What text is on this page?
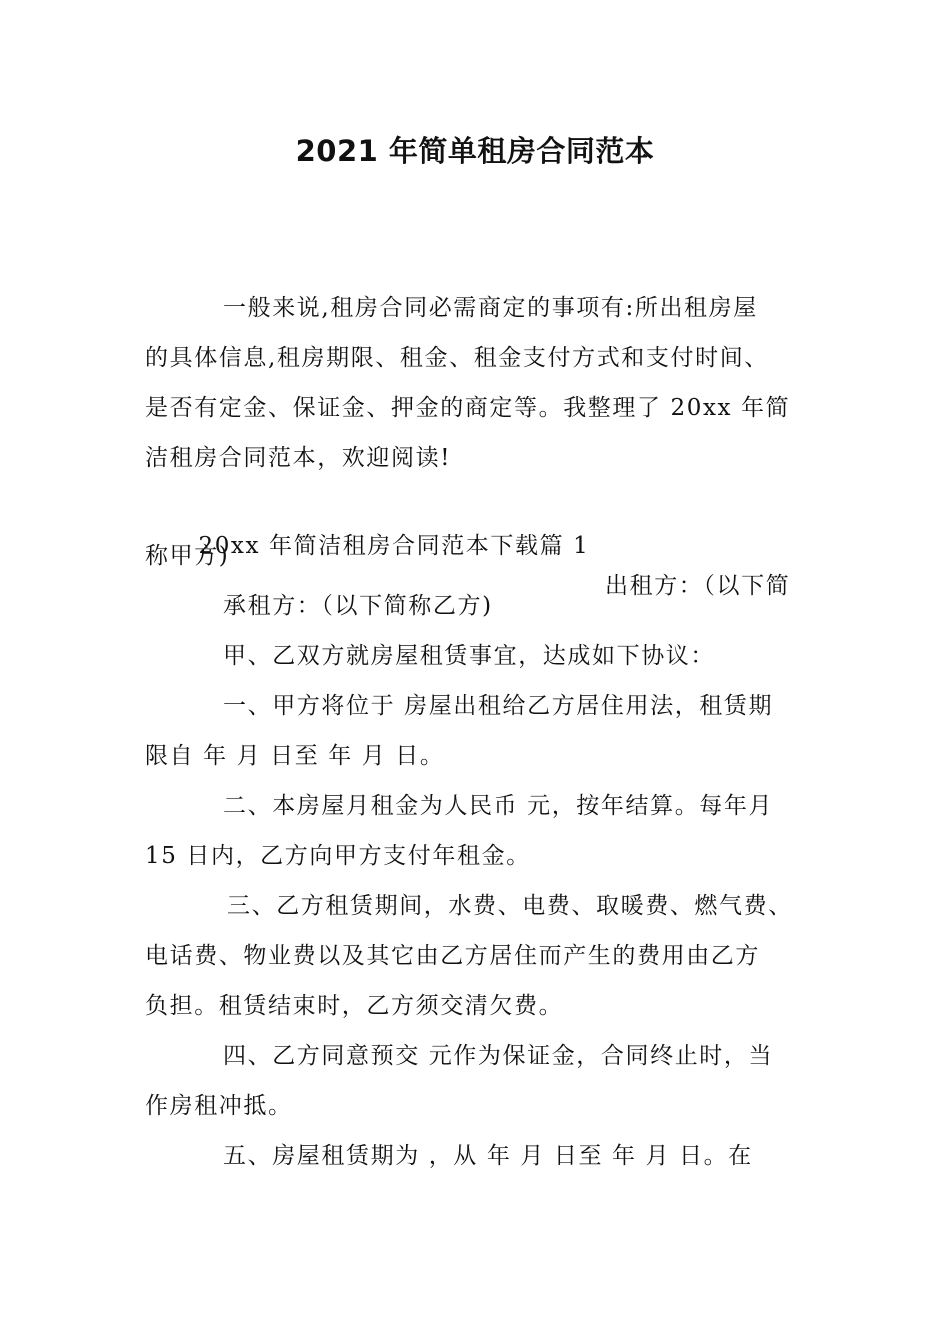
2021 年简单租房合同范本

一般来说,租房合同必需商定的事项有:所出租房屋

的具体信息,租房期限、租金、租金支付方式和支付时间、

是否有定金、保证金、押金的商定等。我整理了 20xx 年简

洁租房合同范本，欢迎阅读!

20xx 年简洁租房合同范本下载篇 1

出租方：（以下简

称甲方)

承租方：（以下简称乙方)

甲、乙双方就房屋租赁事宜，达成如下协议：

一、甲方将位于 房屋出租给乙方居住用法，租赁期

限自 年 月 日至 年 月 日。

二、本房屋月租金为人民币 元，按年结算。每年月

15 日内，乙方向甲方支付年租金。

三、乙方租赁期间，水费、电费、取暖费、燃气费、

电话费、物业费以及其它由乙方居住而产生的费用由乙方

负担。租赁结束时，乙方须交清欠费。

四、乙方同意预交 元作为保证金，合同终止时，当

作房租冲抵。

五、房屋租赁期为 ，从 年 月 日至 年 月 日。在
